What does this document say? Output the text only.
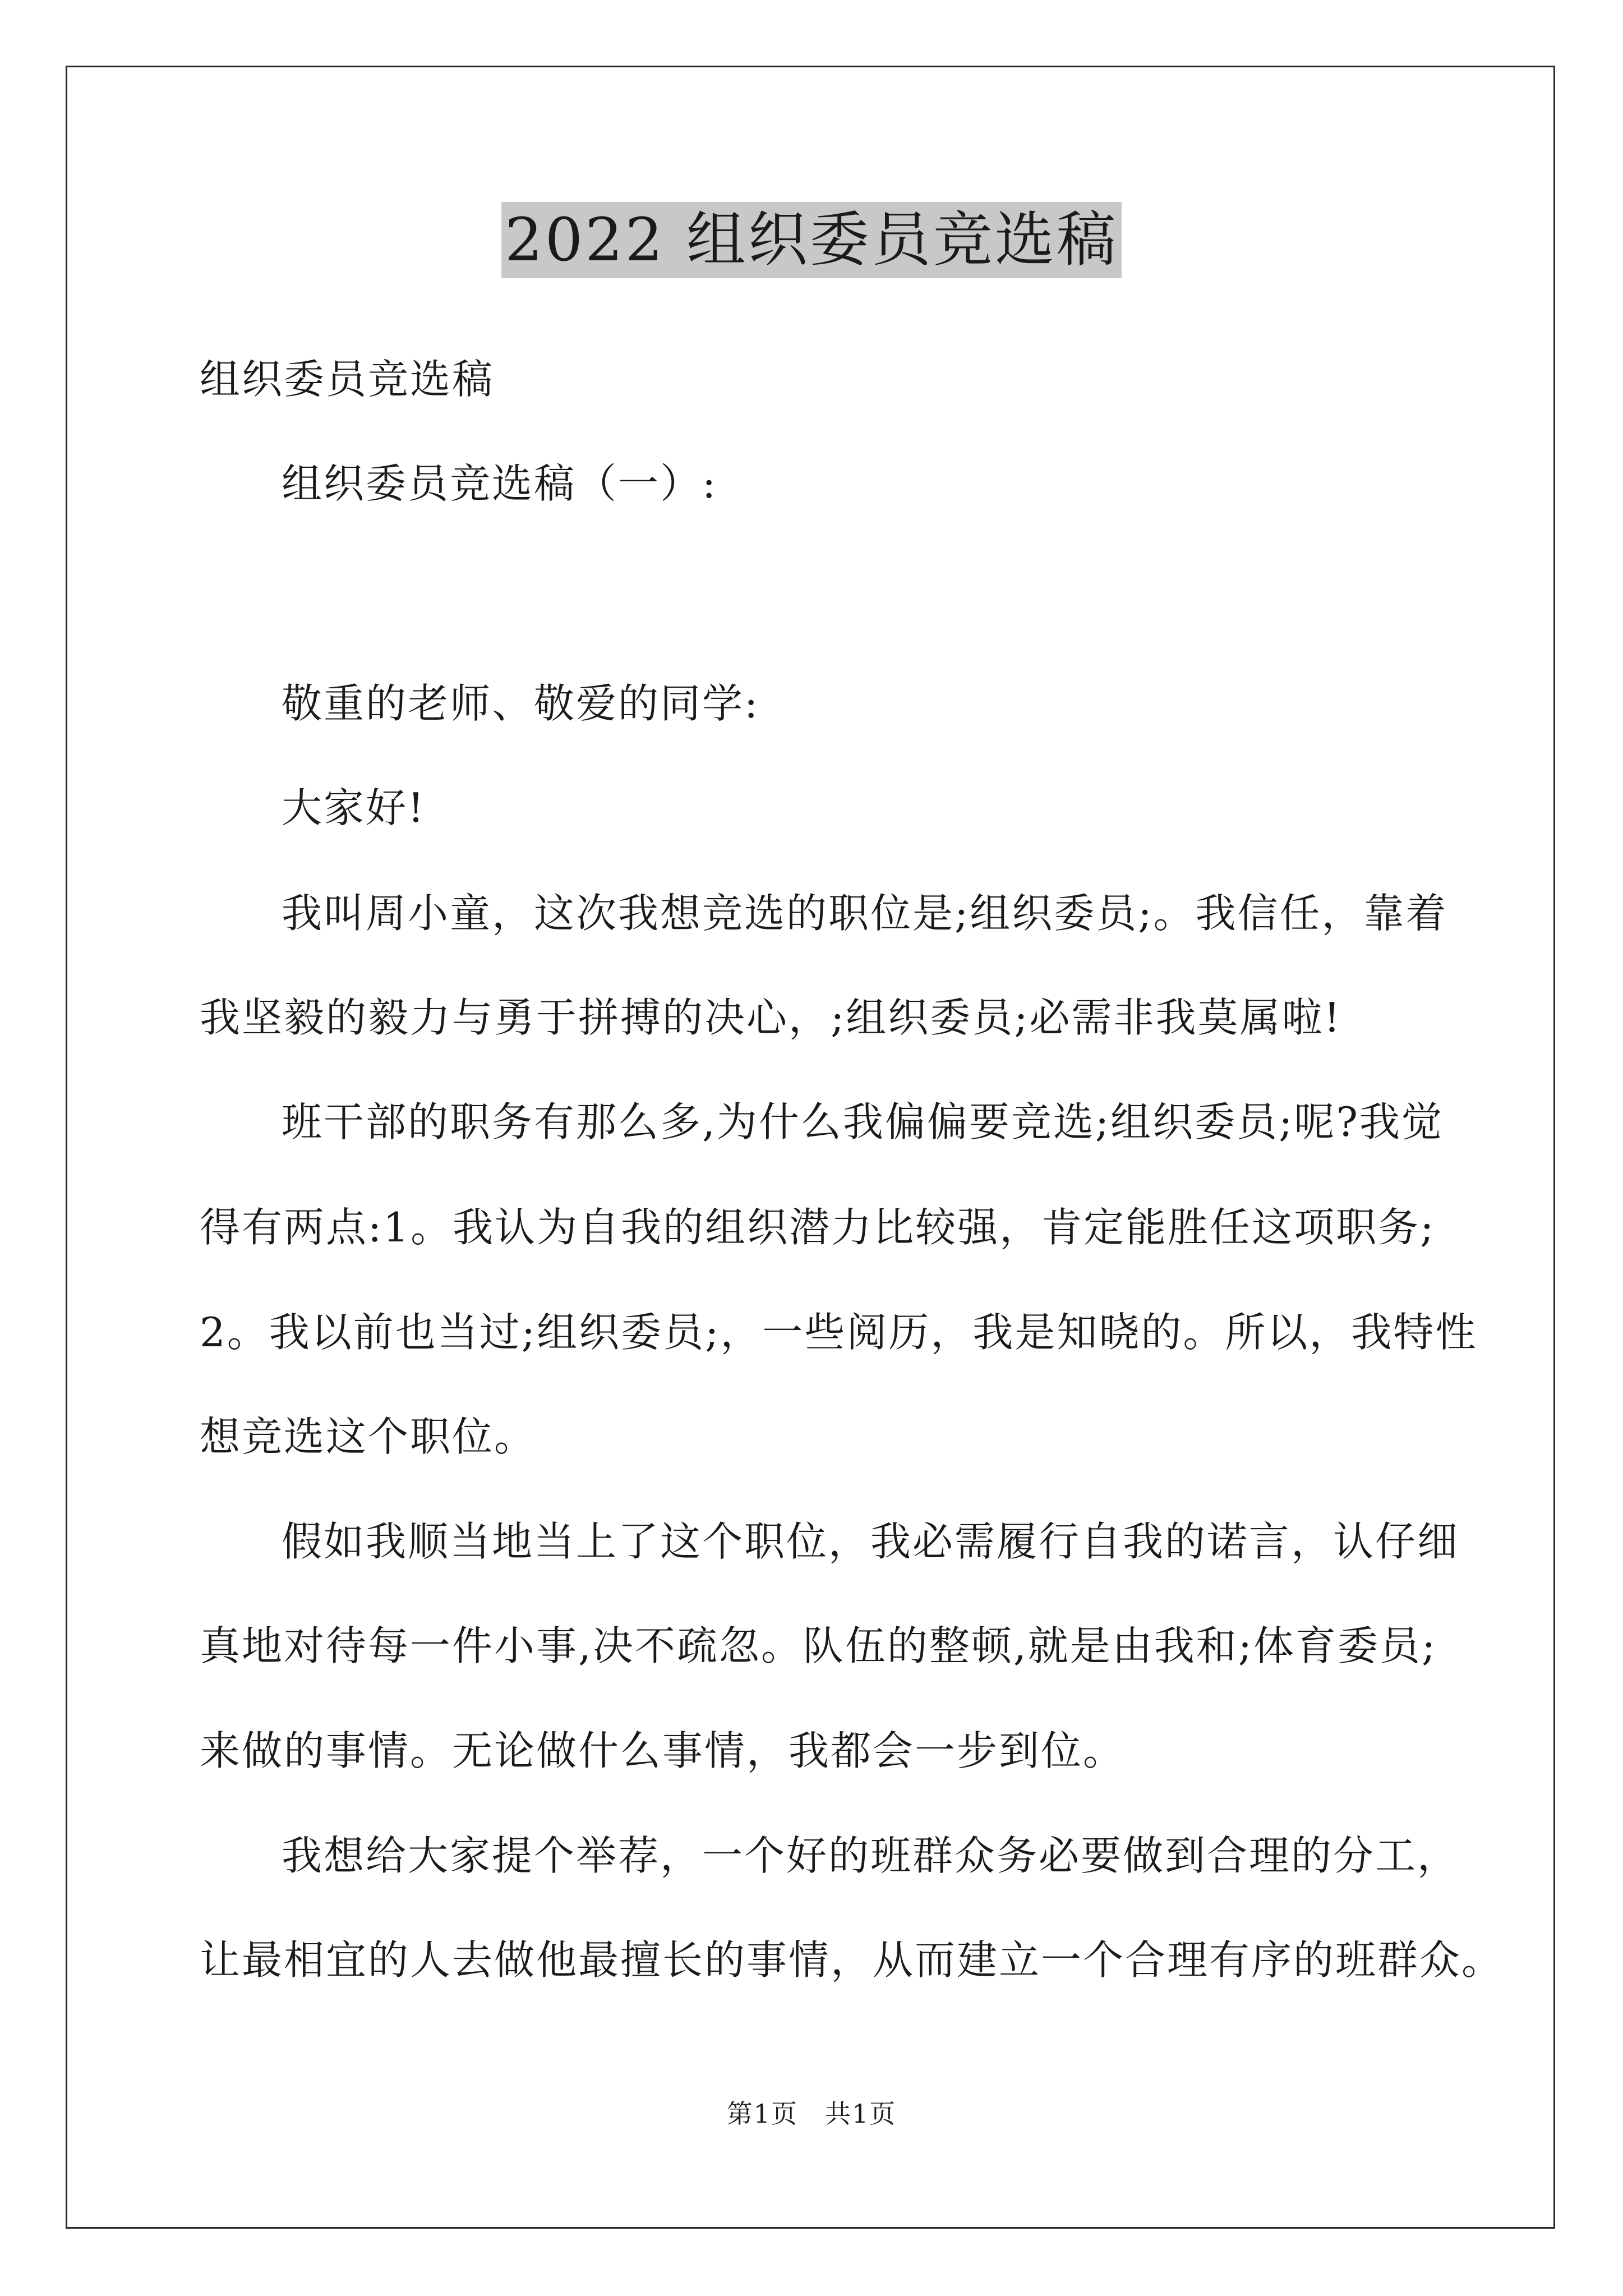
2022 组织委员竞选稿
组织委员竞选稿
组织委员竞选稿（一）:
敬重的老师、敬爱的同学:
大家好!
我叫周小童，这次我想竞选的职位是;组织委员;。我信任，靠着
我坚毅的毅力与勇于拼搏的决心，;组织委员;必需非我莫属啦!
班干部的职务有那么多,为什么我偏偏要竞选;组织委员;呢?我觉
得有两点:1。我认为自我的组织潜力比较强，肯定能胜任这项职务;
2。我以前也当过;组织委员;，一些阅历，我是知晓的。所以，我特性
想竞选这个职位。
假如我顺当地当上了这个职位，我必需履行自我的诺言，认仔细
真地对待每一件小事,决不疏忽。队伍的整顿,就是由我和;体育委员;
来做的事情。无论做什么事情，我都会一步到位。
我想给大家提个举荐，一个好的班群众务必要做到合理的分工，
让最相宜的人去做他最擅长的事情，从而建立一个合理有序的班群众。
第1页　共1页
